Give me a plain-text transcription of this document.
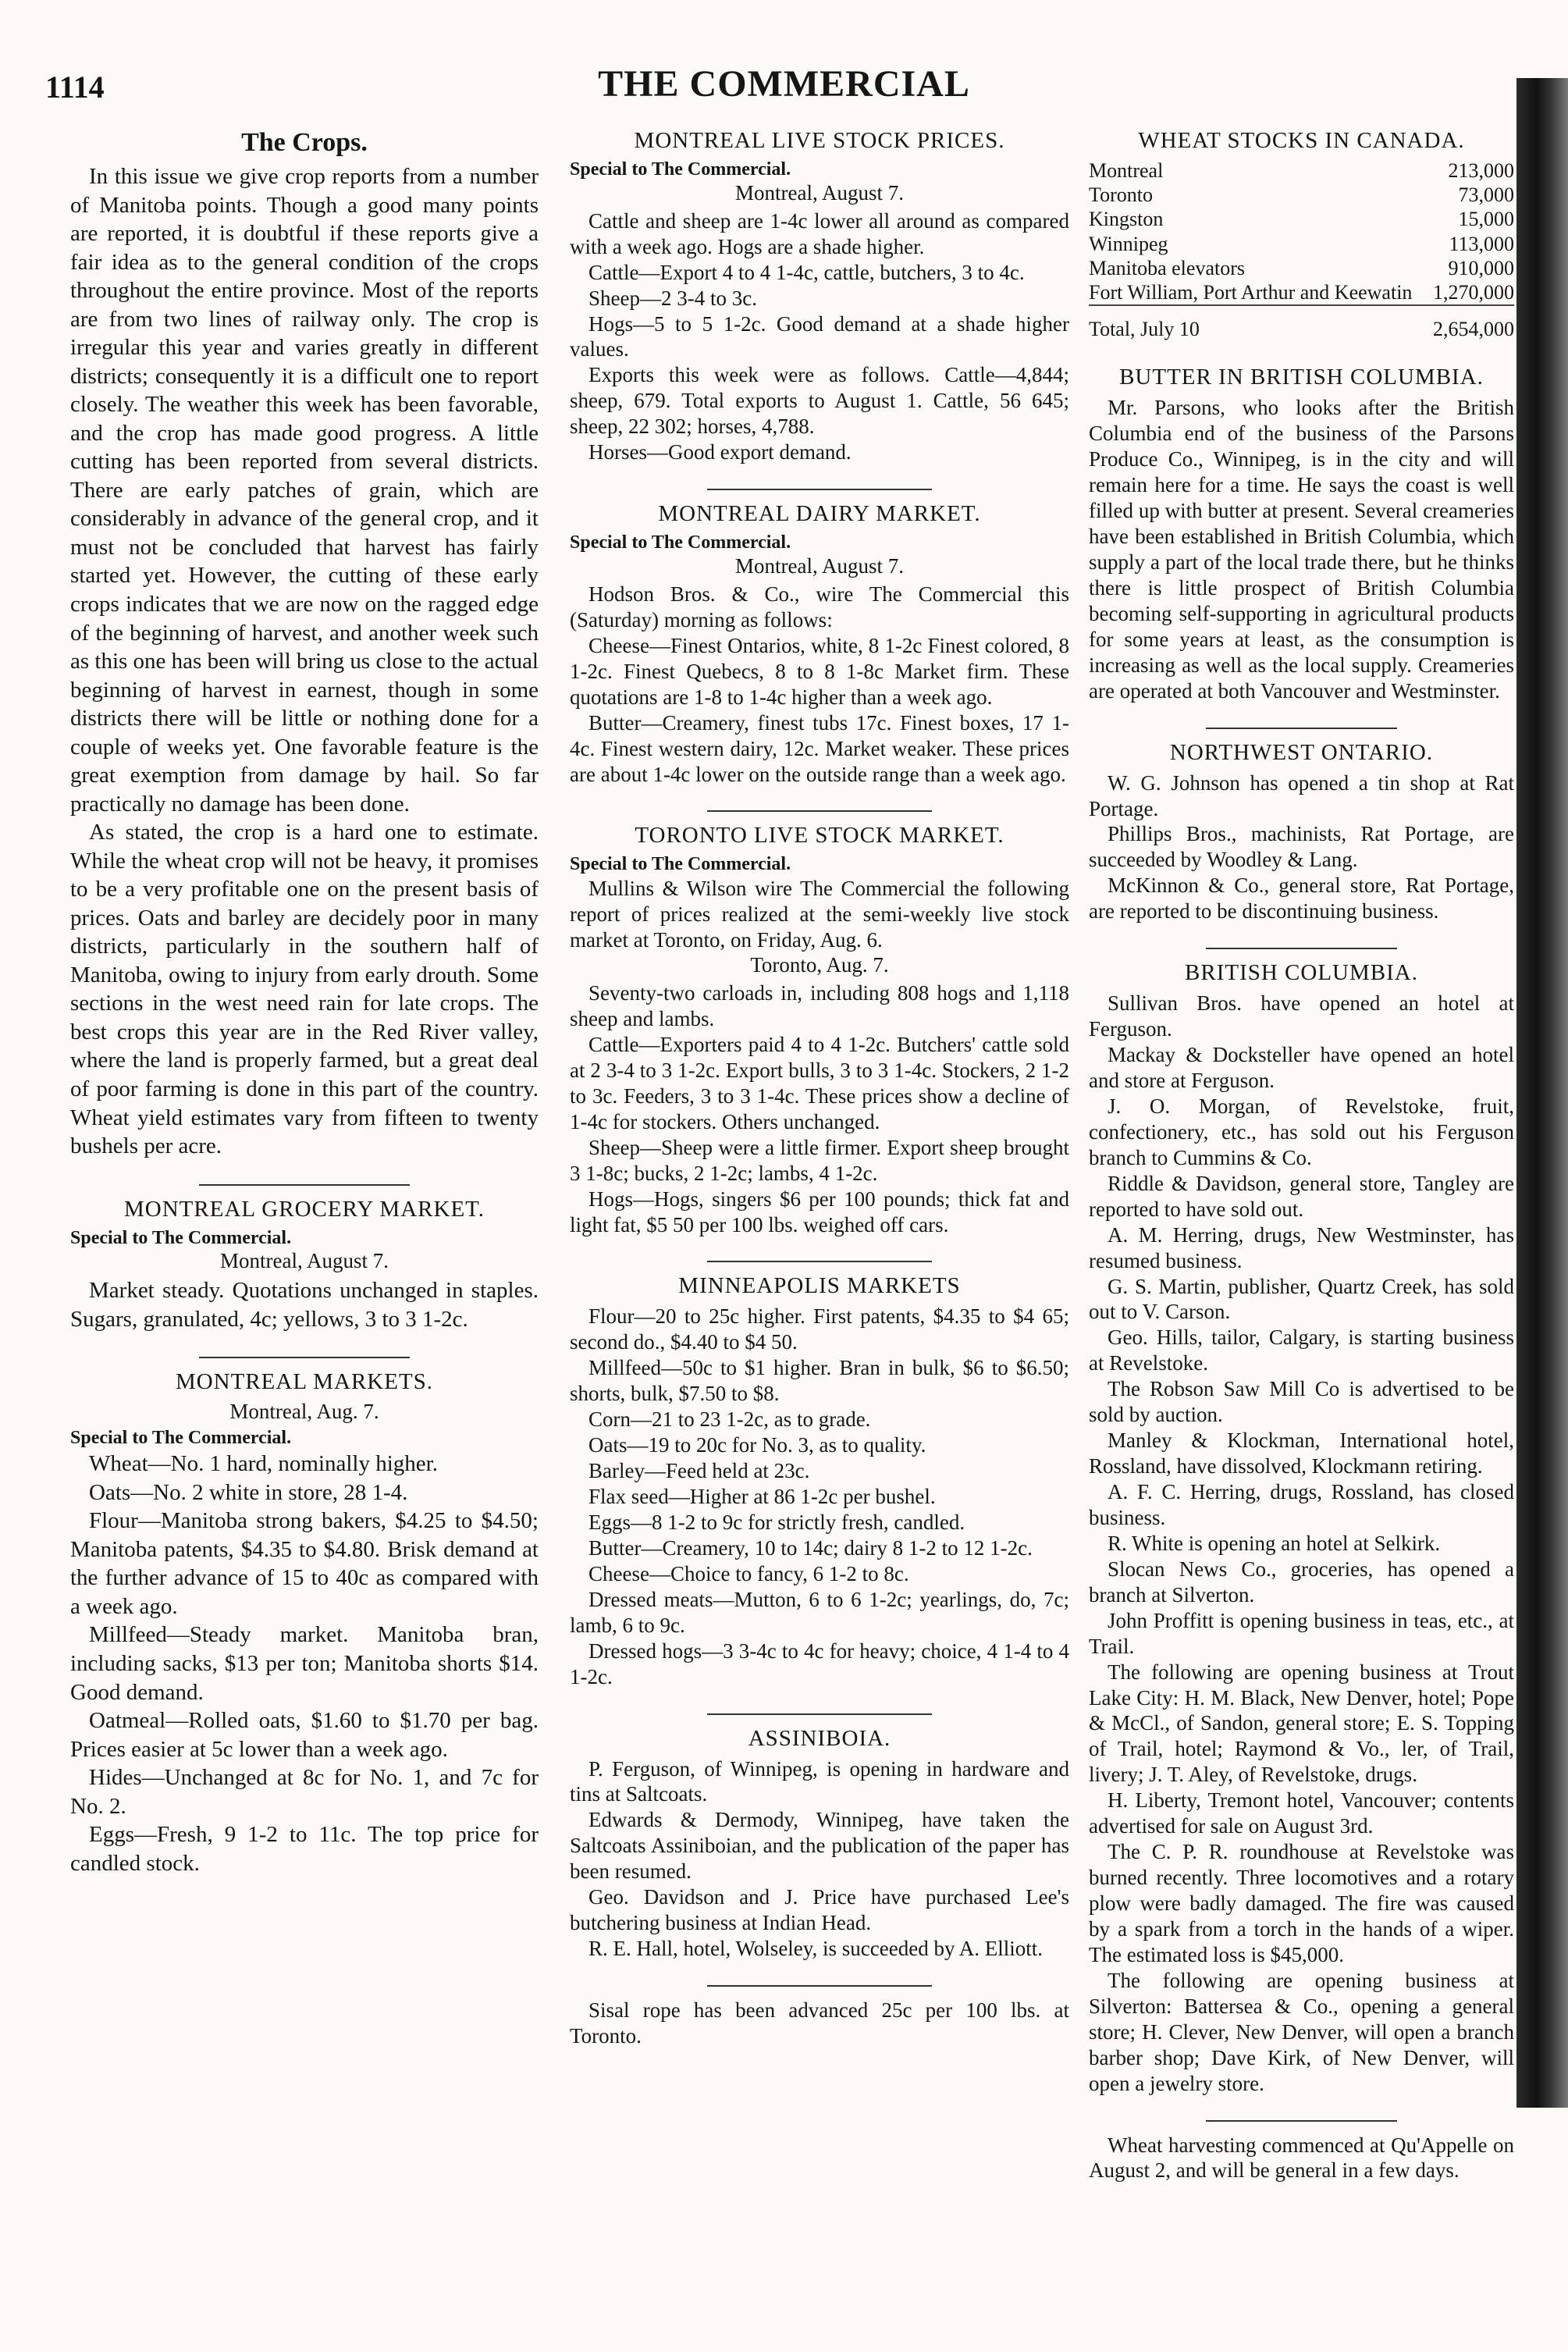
1114	THE COMMERCIAL
The Crops.

In this issue we give crop reports from a number of Manitoba points. Though a good many points are reported, it is doubtful if these reports give a fair idea as to the general condition of the crops throughout the entire province. Most of the reports are from two lines of railway only. The crop is irregular this year and varies greatly in different districts; consequently it is a difficult one to report closely. The weather this week has been favorable, and the crop has made good progress. A little cutting has been reported from several districts. There are early patches of grain, which are considerably in advance of the general crop, and it must not be concluded that harvest has fairly started yet. However, the cutting of these early crops indicates that we are now on the ragged edge of the beginning of harvest, and another week such as this one has been will bring us close to the actual beginning of harvest in earnest, though in some districts there will be little or nothing done for a couple of weeks yet. One favorable feature is the great exemption from damage by hail. So far practically no damage has been done.

As stated, the crop is a hard one to estimate. While the wheat crop will not be heavy, it promises to be a very profitable one on the present basis of prices. Oats and barley are decidely poor in many districts, particularly in the southern half of Manitoba, owing to injury from early drouth. Some sections in the west need rain for late crops. The best crops this year are in the Red River valley, where the land is properly farmed, but a great deal of poor farming is done in this part of the country. Wheat yield estimates vary from fifteen to twenty bushels per acre.

MONTREAL GROCERY MARKET.

Special to The Commercial.

Montreal, August 7.

Market steady. Quotations unchanged in staples. Sugars, granulated, 4c; yellows, 3 to 3 1-2c.

MONTREAL MARKETS.

Montreal, Aug. 7.

Special to The Commercial.

Wheat—No. 1 hard, nominally higher.

Oats—No. 2 white in store, 28 1-4.

Flour—Manitoba strong bakers, $4.25 to $4.50; Manitoba patents, $4.35 to $4.80. Brisk demand at the further advance of 15 to 40c as compared with a week ago.

Millfeed—Steady market. Manitoba bran, including sacks, $13 per ton; Manitoba shorts $14. Good demand.

Oatmeal—Rolled oats, $1.60 to $1.70 per bag. Prices easier at 5c lower than a week ago.

Hides—Unchanged at 8c for No. 1, and 7c for No. 2.

Eggs—Fresh, 9 1-2 to 11c. The top price for candled stock.

MONTREAL LIVE STOCK PRICES.

Special to The Commercial.

Montreal, August 7.

Cattle and sheep are 1-4c lower all around as compared with a week ago. Hogs are a shade higher.

Cattle—Export 4 to 4 1-4c, cattle, butchers, 3 to 4c.

Sheep—2 3-4 to 3c.

Hogs—5 to 5 1-2c. Good demand at a shade higher values.

Exports this week were as follows. Cattle—4,844; sheep, 679. Total exports to August 1. Cattle, 56 645; sheep, 22 302; horses, 4,788.

Horses—Good export demand.

MONTREAL DAIRY MARKET.

Special to The Commercial.

Montreal, August 7.

Hodson Bros. & Co., wire The Commercial this (Saturday) morning as follows:

Cheese—Finest Ontarios, white, 8 1-2c Finest colored, 8 1-2c. Finest Quebecs, 8 to 8 1-8c Market firm. These quotations are 1-8 to 1-4c higher than a week ago.

Butter—Creamery, finest tubs 17c. Finest boxes, 17 1-4c. Finest western dairy, 12c. Market weaker. These prices are about 1-4c lower on the outside range than a week ago.

TORONTO LIVE STOCK MARKET.

Special to The Commercial.

Mullins & Wilson wire The Commercial the following report of prices realized at the semi-weekly live stock market at Toronto, on Friday, Aug. 6.

Toronto, Aug. 7.

Seventy-two carloads in, including 808 hogs and 1,118 sheep and lambs.

Cattle—Exporters paid 4 to 4 1-2c. Butchers' cattle sold at 2 3-4 to 3 1-2c. Export bulls, 3 to 3 1-4c. Stockers, 2 1-2 to 3c. Feeders, 3 to 3 1-4c. These prices show a decline of 1-4c for stockers. Others unchanged.

Sheep—Sheep were a little firmer. Export sheep brought 3 1-8c; bucks, 2 1-2c; lambs, 4 1-2c.

Hogs—Hogs, singers $6 per 100 pounds; thick fat and light fat, $5 50 per 100 lbs. weighed off cars.

MINNEAPOLIS MARKETS

Flour—20 to 25c higher. First patents, $4.35 to $4 65; second do., $4.40 to $4 50.

Millfeed—50c to $1 higher. Bran in bulk, $6 to $6.50; shorts, bulk, $7.50 to $8.

Corn—21 to 23 1-2c, as to grade.

Oats—19 to 20c for No. 3, as to quality.

Barley—Feed held at 23c.

Flax seed—Higher at 86 1-2c per bushel.

Eggs—8 1-2 to 9c for strictly fresh, candled.

Butter—Creamery, 10 to 14c; dairy 8 1-2 to 12 1-2c.

Cheese—Choice to fancy, 6 1-2 to 8c.

Dressed meats—Mutton, 6 to 6 1-2c; yearlings, do, 7c; lamb, 6 to 9c.

Dressed hogs—3 3-4c to 4c for heavy; choice, 4 1-4 to 4 1-2c.

ASSINIBOIA.

P. Ferguson, of Winnipeg, is opening in hardware and tins at Saltcoats.

Edwards & Dermody, Winnipeg, have taken the Saltcoats Assiniboian, and the publication of the paper has been resumed.

Geo. Davidson and J. Price have purchased Lee's butchering business at Indian Head.

R. E. Hall, hotel, Wolseley, is succeeded by A. Elliott.

Sisal rope has been advanced 25c per 100 lbs. at Toronto.

WHEAT STOCKS IN CANADA.
Montreal	213,000
Toronto	73,000
Kingston	15,000
Winnipeg	113,000
Manitoba elevators	910,000
Fort William, Port Arthur and Keewatin	1,270,000
Total, July 10	2,654,000
BUTTER IN BRITISH COLUMBIA.

Mr. Parsons, who looks after the British Columbia end of the business of the Parsons Produce Co., Winnipeg, is in the city and will remain here for a time. He says the coast is well filled up with butter at present. Several creameries have been established in British Columbia, which supply a part of the local trade there, but he thinks there is little prospect of British Columbia becoming self-supporting in agricultural products for some years at least, as the consumption is increasing as well as the local supply. Creameries are operated at both Vancouver and Westminster.

NORTHWEST ONTARIO.

W. G. Johnson has opened a tin shop at Rat Portage.

Phillips Bros., machinists, Rat Portage, are succeeded by Woodley & Lang.

McKinnon & Co., general store, Rat Portage, are reported to be discontinuing business.

BRITISH COLUMBIA.

Sullivan Bros. have opened an hotel at Ferguson.

Mackay & Docksteller have opened an hotel and store at Ferguson.

J. O. Morgan, of Revelstoke, fruit, confectionery, etc., has sold out his Ferguson branch to Cummins & Co.

Riddle & Davidson, general store, Tangley are reported to have sold out.

A. M. Herring, drugs, New Westminster, has resumed business.

G. S. Martin, publisher, Quartz Creek, has sold out to V. Carson.

Geo. Hills, tailor, Calgary, is starting business at Revelstoke.

The Robson Saw Mill Co is advertised to be sold by auction.

Manley & Klockman, International hotel, Rossland, have dissolved, Klockmann retiring.

A. F. C. Herring, drugs, Rossland, has closed business.

R. White is opening an hotel at Selkirk.

Slocan News Co., groceries, has opened a branch at Silverton.

John Proffitt is opening business in teas, etc., at Trail.

The following are opening business at Trout Lake City: H. M. Black, New Denver, hotel; Pope & McCl., of Sandon, general store; E. S. Topping of Trail, hotel; Raymond & Vo., ler, of Trail, livery; J. T. Aley, of Revelstoke, drugs.

H. Liberty, Tremont hotel, Vancouver; contents advertised for sale on August 3rd.

The C. P. R. roundhouse at Revelstoke was burned recently. Three locomotives and a rotary plow were badly damaged. The fire was caused by a spark from a torch in the hands of a wiper. The estimated loss is $45,000.

The following are opening business at Silverton: Battersea & Co., opening a general store; H. Clever, New Denver, will open a branch barber shop; Dave Kirk, of New Denver, will open a jewelry store.

Wheat harvesting commenced at Qu'Appelle on August 2, and will be general in a few days.
